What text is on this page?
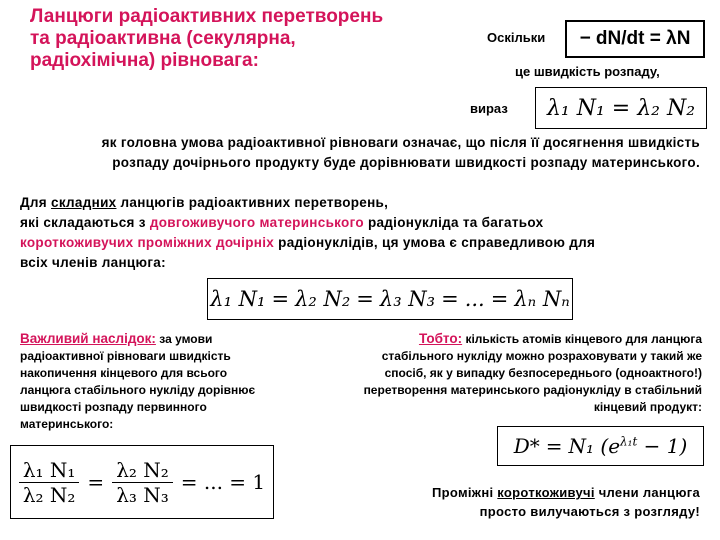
Ланцюги радіоактивних перетворень та радіоактивна (секулярна, радіохімічна) рівновага:
Оскільки − dN/dt = λN
це швидкість розпаду,
вираз λ₁ N₁ = λ₂ N₂
як головна умова радіоактивної рівноваги означає, що після її досягнення швидкість розпаду дочірнього продукту буде дорівнювати швидкості розпаду материнського.
Для складних ланцюгів радіоактивних перетворень,
які складаються з довгоживучого материнського радіонукліда та багатьох
короткоживучих проміжних дочірніх радіонуклідів, ця умова є справедливою для
всіх членів ланцюга:
λ₁ N₁ = λ₂ N₂ = λ₃ N₃ = ... = λₙ Nₙ
Важливий наслідок: за умови
радіоактивної рівноваги швидкість накопичення кінцевого для всього ланцюга стабільного нукліду дорівнює швидкості розпаду первинного материнського:
λ₁ N₁
λ₂ N₂
=
λ₂ N₂
λ₃ N₃
= ... = 1
Тобто: кількість атомів кінцевого для ланцюга
стабільного нукліду можно розраховувати у такий же спосіб, як у випадку безпосереднього (одноактного!) перетворення материнського радіонукліду в стабільний кінцевий продукт:
D* = N₁ $(e^{\lambda_1t} - 1)$
Проміжні короткоживучі члени ланцюга
просто вилучаються з розгляду!
